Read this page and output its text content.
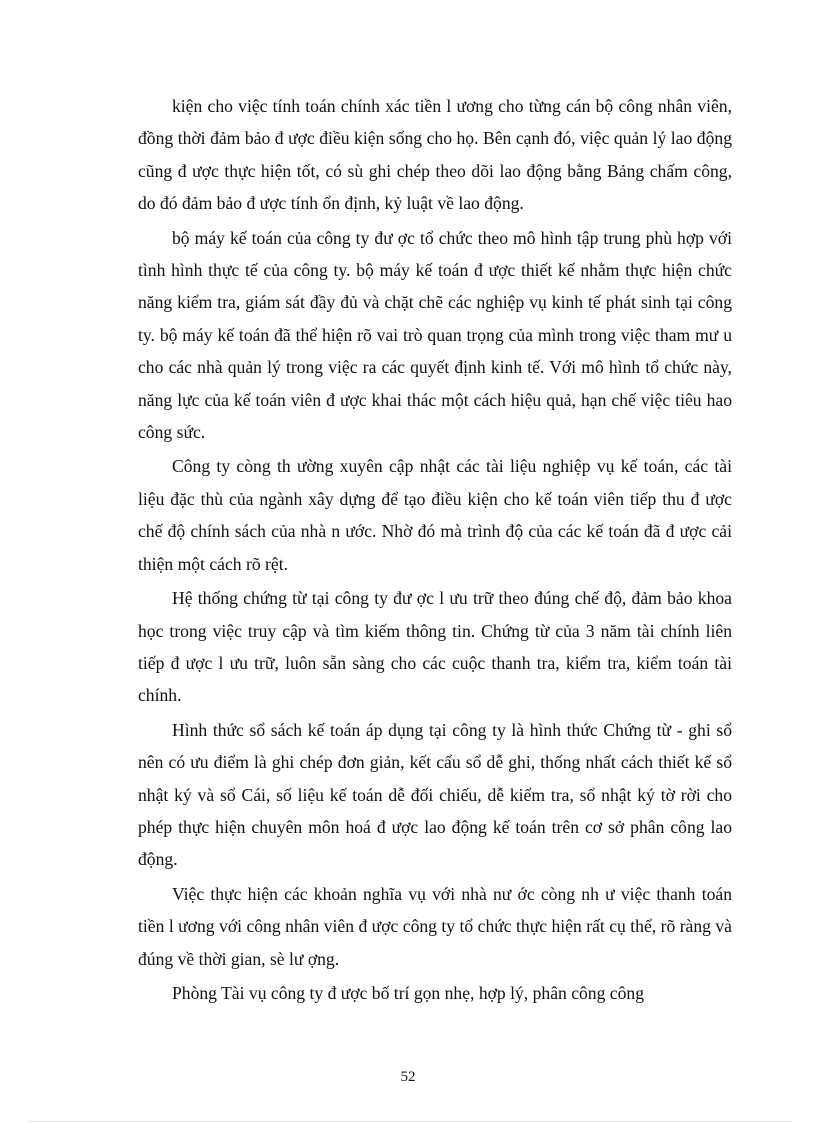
kiện cho việc tính toán chính xác tiền l ương cho từng cán bộ công nhân viên, đồng thời đảm bảo đ ược điều kiện sống cho họ. Bên cạnh đó, việc quản lý lao động cũng đ ược thực hiện tốt, có sù ghi chép theo dõi lao động bằng Bảng chấm công, do đó đảm bảo đ ược tính ổn định, kỷ luật về lao động.

bộ máy kế toán của công ty đư ợc tổ chức theo mô hình tập trung phù hợp với tình hình thực tế của công ty. bộ máy kế toán đ ược thiết kế nhằm thực hiện chức năng kiểm tra, giám sát đầy đủ và chặt chẽ các nghiệp vụ kinh tế phát sinh tại công ty. bộ máy kế toán đã thể hiện rõ vai trò quan trọng của mình trong việc tham mư u cho các nhà quản lý trong việc ra các quyết định kinh tế. Với mô hình tổ chức này, năng lực của kế toán viên đ ược khai thác một cách hiệu quả, hạn chế việc tiêu hao công sức.

Công ty còng th ường xuyên cập nhật các tài liệu nghiệp vụ kế toán, các tài liệu đặc thù của ngành xây dựng để tạo điều kiện cho kế toán viên tiếp thu đ ược chế độ chính sách của nhà n ước. Nhờ đó mà trình độ của các kế toán đã đ ược cải thiện một cách rõ rệt.

Hệ thống chứng từ tại công ty đư ợc l ưu trữ theo đúng chế độ, đảm bảo khoa học trong việc truy cập và tìm kiếm thông tin. Chứng từ của 3 năm tài chính liên tiếp đ ược l ưu trữ, luôn sẵn sàng cho các cuộc thanh tra, kiểm tra, kiểm toán tài chính.

Hình thức sổ sách kế toán áp dụng tại công ty là hình thức Chứng từ - ghi sổ nên có ưu điểm là ghi chép đơn giản, kết cấu sổ dễ ghi, thống nhất cách thiết kế sổ nhật ký và sổ Cái, số liệu kế toán dễ đối chiếu, dễ kiểm tra, sổ nhật ký tờ rời cho phép thực hiện chuyên môn hoá đ ược lao động kế toán trên cơ sở phân công lao động.

Việc thực hiện các khoản nghĩa vụ với nhà nư ớc còng nh ư việc thanh toán tiền l ương với công nhân viên đ ược công ty tổ chức thực hiện rất cụ thể, rõ ràng và đúng về thời gian, sè lư ợng.

Phòng Tài vụ công ty đ ược bố trí gọn nhẹ, hợp lý, phân công công

52
